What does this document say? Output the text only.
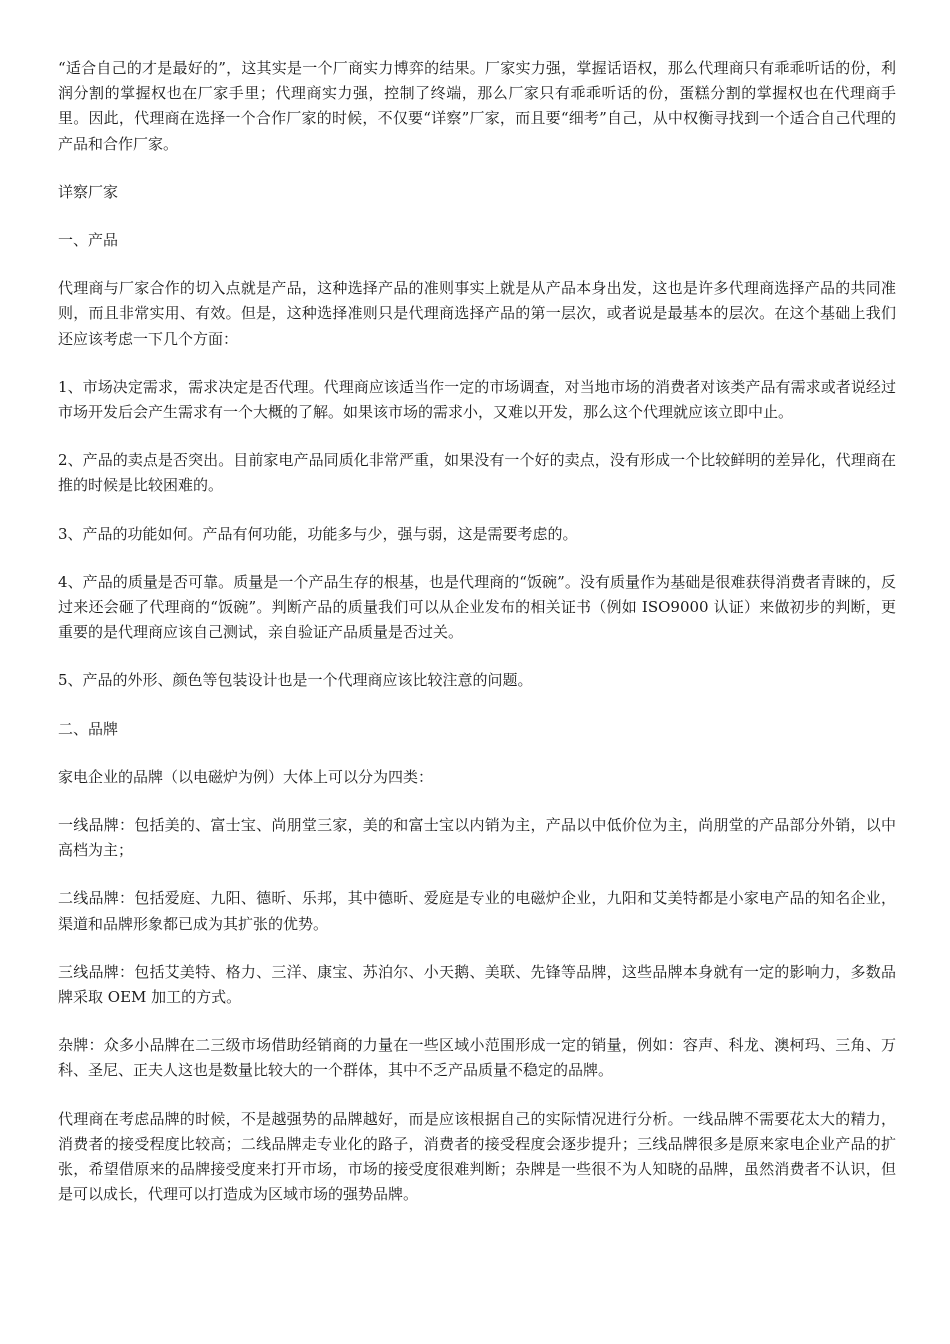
“适合自己的才是最好的”，这其实是一个厂商实力博弈的结果。厂家实力强，掌握话语权，那么代理商只有乖乖听话的份，利润分割的掌握权也在厂家手里；代理商实力强，控制了终端，那么厂家只有乖乖听话的份，蛋糕分割的掌握权也在代理商手里。因此，代理商在选择一个合作厂家的时候，不仅要“详察”厂家，而且要“细考”自己，从中权衡寻找到一个适合自己代理的产品和合作厂家。

详察厂家

一、产品

代理商与厂家合作的切入点就是产品，这种选择产品的准则事实上就是从产品本身出发，这也是许多代理商选择产品的共同准则，而且非常实用、有效。但是，这种选择准则只是代理商选择产品的第一层次，或者说是最基本的层次。在这个基础上我们还应该考虑一下几个方面：

1、市场决定需求，需求决定是否代理。代理商应该适当作一定的市场调查，对当地市场的消费者对该类产品有需求或者说经过市场开发后会产生需求有一个大概的了解。如果该市场的需求小，又难以开发，那么这个代理就应该立即中止。

2、产品的卖点是否突出。目前家电产品同质化非常严重，如果没有一个好的卖点，没有形成一个比较鲜明的差异化，代理商在推的时候是比较困难的。

3、产品的功能如何。产品有何功能，功能多与少，强与弱，这是需要考虑的。

4、产品的质量是否可靠。质量是一个产品生存的根基，也是代理商的“饭碗”。没有质量作为基础是很难获得消费者青睐的，反过来还会砸了代理商的“饭碗”。判断产品的质量我们可以从企业发布的相关证书（例如 ISO9000 认证）来做初步的判断，更重要的是代理商应该自己测试，亲自验证产品质量是否过关。

5、产品的外形、颜色等包装设计也是一个代理商应该比较注意的问题。

二、品牌

家电企业的品牌（以电磁炉为例）大体上可以分为四类：

一线品牌：包括美的、富士宝、尚朋堂三家，美的和富士宝以内销为主，产品以中低价位为主，尚朋堂的产品部分外销，以中高档为主；

二线品牌：包括爱庭、九阳、德昕、乐邦，其中德昕、爱庭是专业的电磁炉企业，九阳和艾美特都是小家电产品的知名企业，渠道和品牌形象都已成为其扩张的优势。

三线品牌：包括艾美特、格力、三洋、康宝、苏泊尔、小天鹅、美联、先锋等品牌，这些品牌本身就有一定的影响力，多数品牌采取 OEM 加工的方式。

杂牌：众多小品牌在二三级市场借助经销商的力量在一些区域小范围形成一定的销量，例如：容声、科龙、澳柯玛、三角、万科、圣尼、正夫人这也是数量比较大的一个群体，其中不乏产品质量不稳定的品牌。

代理商在考虑品牌的时候，不是越强势的品牌越好，而是应该根据自己的实际情况进行分析。一线品牌不需要花太大的精力，消费者的接受程度比较高；二线品牌走专业化的路子，消费者的接受程度会逐步提升；三线品牌很多是原来家电企业产品的扩张，希望借原来的品牌接受度来打开市场，市场的接受度很难判断；杂牌是一些很不为人知晓的品牌，虽然消费者不认识，但是可以成长，代理可以打造成为区域市场的强势品牌。
